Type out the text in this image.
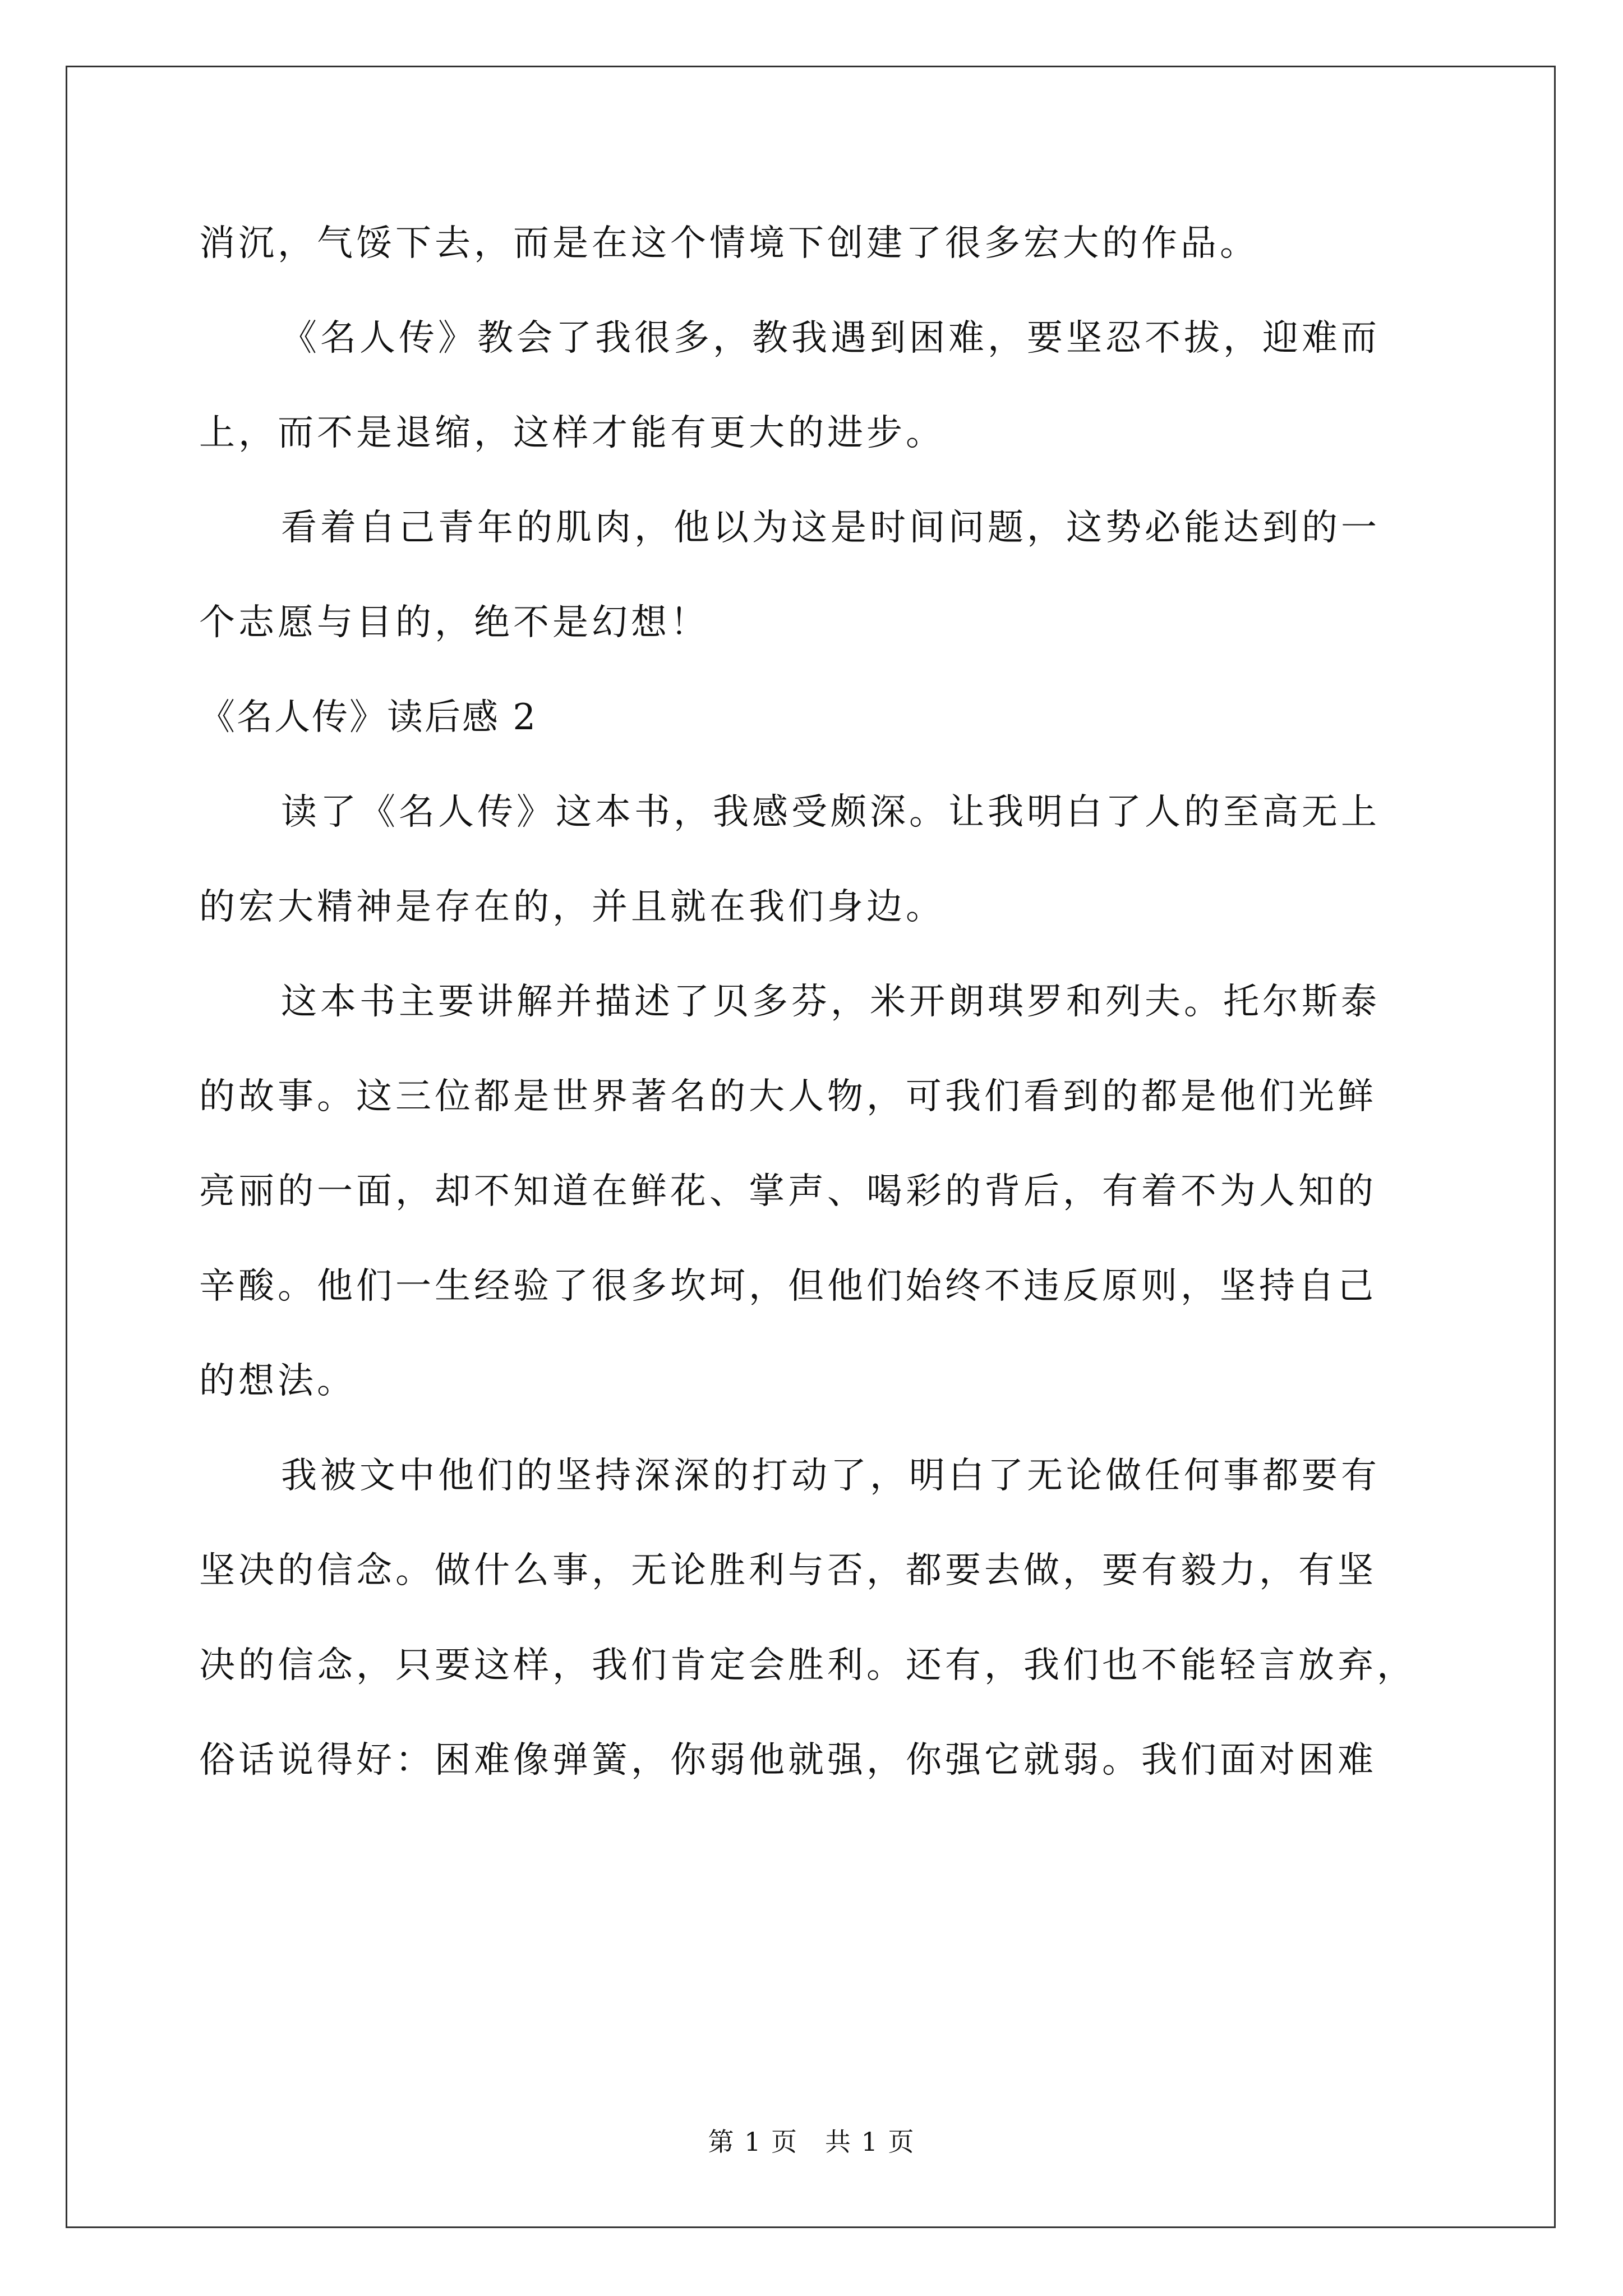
消沉，气馁下去，而是在这个情境下创建了很多宏大的作品。
《名人传》教会了我很多，教我遇到困难，要坚忍不拔，迎难而
上，而不是退缩，这样才能有更大的进步。
看着自己青年的肌肉，他以为这是时间问题，这势必能达到的一
个志愿与目的，绝不是幻想！
《名人传》读后感 2
读了《名人传》这本书，我感受颇深。让我明白了人的至高无上
的宏大精神是存在的，并且就在我们身边。
这本书主要讲解并描述了贝多芬，米开朗琪罗和列夫。托尔斯泰
的故事。这三位都是世界著名的大人物，可我们看到的都是他们光鲜
亮丽的一面，却不知道在鲜花、掌声、喝彩的背后，有着不为人知的
辛酸。他们一生经验了很多坎坷，但他们始终不违反原则，坚持自己
的想法。
我被文中他们的坚持深深的打动了，明白了无论做任何事都要有
坚决的信念。做什么事，无论胜利与否，都要去做，要有毅力，有坚
决的信念，只要这样，我们肯定会胜利。还有，我们也不能轻言放弃，
俗话说得好：困难像弹簧，你弱他就强，你强它就弱。我们面对困难
第 1 页　共 1 页
